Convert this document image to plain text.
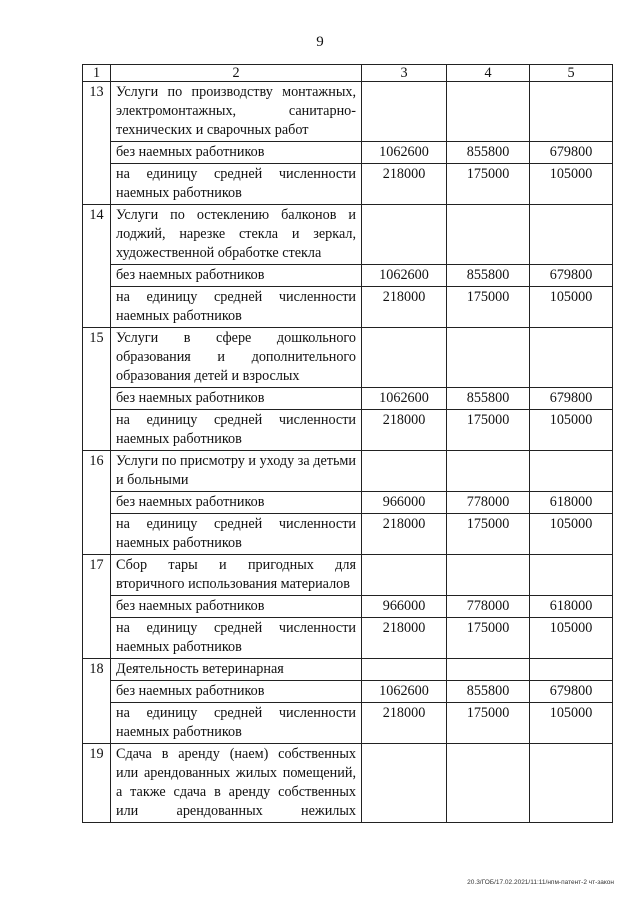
9
1	2	3	4	5
13	Услуги по производству монтажных, электромонтажных, санитарно-технических и сварочных работ			
	без наемных работников	1062600	855800	679800
	на единицу средней численности наемных работников	218000	175000	105000
14	Услуги по остеклению балконов и лоджий, нарезке стекла и зеркал, художественной обработке стекла			
	без наемных работников	1062600	855800	679800
	на единицу средней численности наемных работников	218000	175000	105000
15	Услуги в сфере дошкольного образования и дополнительного образования детей и взрослых			
	без наемных работников	1062600	855800	679800
	на единицу средней численности наемных работников	218000	175000	105000
16	Услуги по присмотру и уходу за детьми и больными			
	без наемных работников	966000	778000	618000
	на единицу средней численности наемных работников	218000	175000	105000
17	Сбор тары и пригодных для вторичного использования материалов			
	без наемных работников	966000	778000	618000
	на единицу средней численности наемных работников	218000	175000	105000
18	Деятельность ветеринарная			
	без наемных работников	1062600	855800	679800
	на единицу средней численности наемных работников	218000	175000	105000
19	Сдача в аренду (наем) собственных или арендованных жилых помещений, а также сдача в аренду собственных или арендованных нежилых			
20.3/ГОБ/17.02.2021/11:11/нпм-патент-2 чт-закон
